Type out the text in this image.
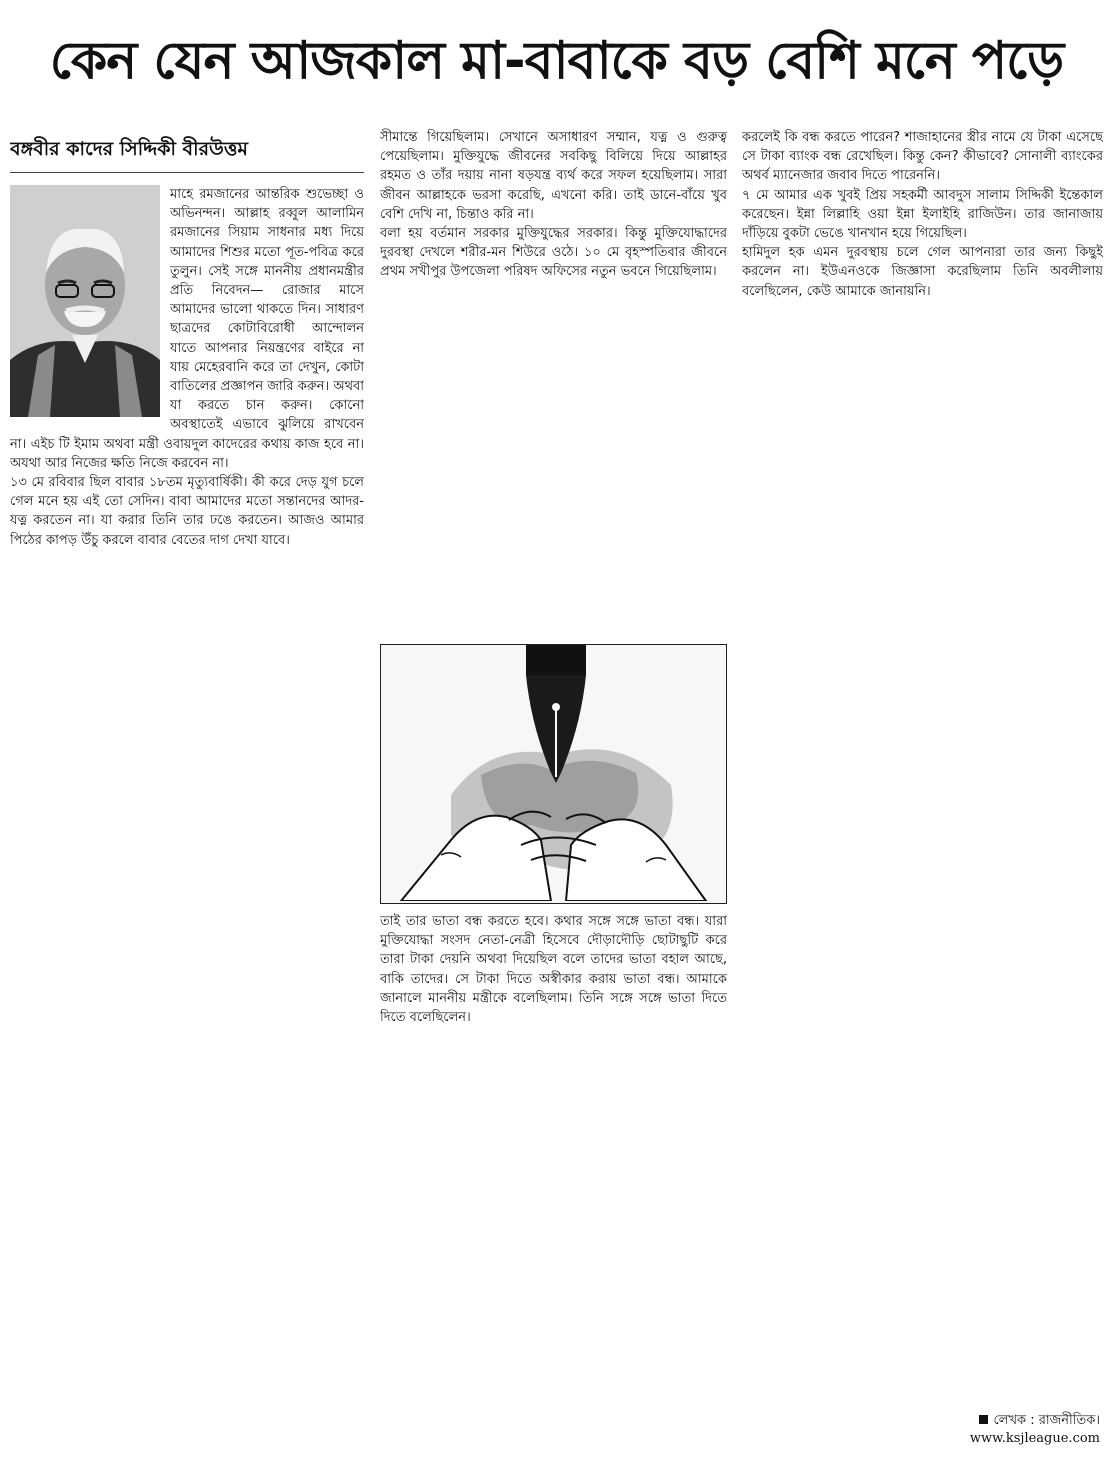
কেন যেন আজকাল মা-বাবাকে বড় বেশি মনে পড়ে
বঙ্গবীর কাদের সিদ্দিকী বীরউত্তম

মাহে রমজানের আন্তরিক শুভেচ্ছা ও অভিনন্দন। আল্লাহ রব্বুল আলামিন রমজানের সিয়াম সাধনার মধ্য দিয়ে আমাদের শিশুর মতো পূত-পবিত্র করে তুলুন। সেই সঙ্গে মাননীয় প্রধানমন্ত্রীর প্রতি নিবেদন— রোজার মাসে আমাদের ভালো থাকতে দিন। সাধারণ ছাত্রদের কোটাবিরোধী আন্দোলন যাতে আপনার নিয়ন্ত্রণের বাইরে না যায় মেহেরবানি করে তা দেখুন, কোটা বাতিলের প্রজ্ঞাপন জারি করুন। অথবা যা করতে চান করুন। কোনো অবস্থাতেই এভাবে ঝুলিয়ে রাখবেন না। এইচ টি ইমাম অথবা মন্ত্রী ওবায়দুল কাদেরের কথায় কাজ হবে না। অযথা আর নিজের ক্ষতি নিজে করবেন না।

১৩ মে রবিবার ছিল বাবার ১৮তম মৃত্যুবার্ষিকী। কী করে দেড় যুগ চলে গেল মনে হয় এই তো সেদিন। বাবা আমাদের মতো সন্তানদের আদর-যত্ন করতেন না। যা করার তিনি তার ঢঙে করতেন। আজও আমার পিঠের কাপড় উঁচু করলে বাবার বেতের দাগ দেখা যাবে।

সীমান্তে গিয়েছিলাম। সেখানে অসাধারণ সম্মান, যত্ন ও গুরুত্ব পেয়েছিলাম। মুক্তিযুদ্ধে জীবনের সবকিছু বিলিয়ে দিয়ে আল্লাহর রহমত ও তাঁর দয়ায় নানা ষড়যন্ত্র ব্যর্থ করে সফল হয়েছিলাম। সারা জীবন আল্লাহকে ভরসা করেছি, এখনো করি। তাই ডানে-বাঁয়ে খুব বেশি দেখি না, চিন্তাও করি না।

বলা হয় বর্তমান সরকার মুক্তিযুদ্ধের সরকার। কিন্তু মুক্তিযোদ্ধাদের দুরবস্থা দেখলে শরীর-মন শিউরে ওঠে। ১০ মে বৃহস্পতিবার জীবনে প্রথম সখীপুর উপজেলা পরিষদ অফিসের নতুন ভবনে গিয়েছিলাম।

তাই তার ভাতা বন্ধ করতে হবে। কথার সঙ্গে সঙ্গে ভাতা বন্ধ। যারা মুক্তিযোদ্ধা সংসদ নেতা-নেত্রী হিসেবে দৌড়াদৌড়ি ছোটাছুটি করে তারা টাকা দেয়নি অথবা দিয়েছিল বলে তাদের ভাতা বহাল আছে, বাকি তাদের। সে টাকা দিতে অস্বীকার করায় ভাতা বন্ধ। আমাকে জানালে মাননীয় মন্ত্রীকে বলেছিলাম। তিনি সঙ্গে সঙ্গে ভাতা দিতে দিতে বলেছিলেন।

করলেই কি বন্ধ করতে পারেন? শাজাহানের স্ত্রীর নামে যে টাকা এসেছে সে টাকা ব্যাংক বন্ধ রেখেছিল। কিন্তু কেন? কীভাবে? সোনালী ব্যাংকের অথর্ব ম্যানেজার জবাব দিতে পারেননি।

৭ মে আমার এক খুবই প্রিয় সহকর্মী আবদুস সালাম সিদ্দিকী ইন্তেকাল করেছেন। ইন্না লিল্লাহি ওয়া ইন্না ইলাইহি রাজিউন। তার জানাজায় দাঁড়িয়ে বুকটা ভেঙে খানখান হয়ে গিয়েছিল।

হামিদুল হক এমন দুরবস্থায় চলে গেল আপনারা তার জন্য কিছুই করলেন না। ইউএনওকে জিজ্ঞাসা করেছিলাম তিনি অবলীলায় বলেছিলেন, কেউ আমাকে জানায়নি।

লেখক : রাজনীতিক।
www.ksjleague.com
